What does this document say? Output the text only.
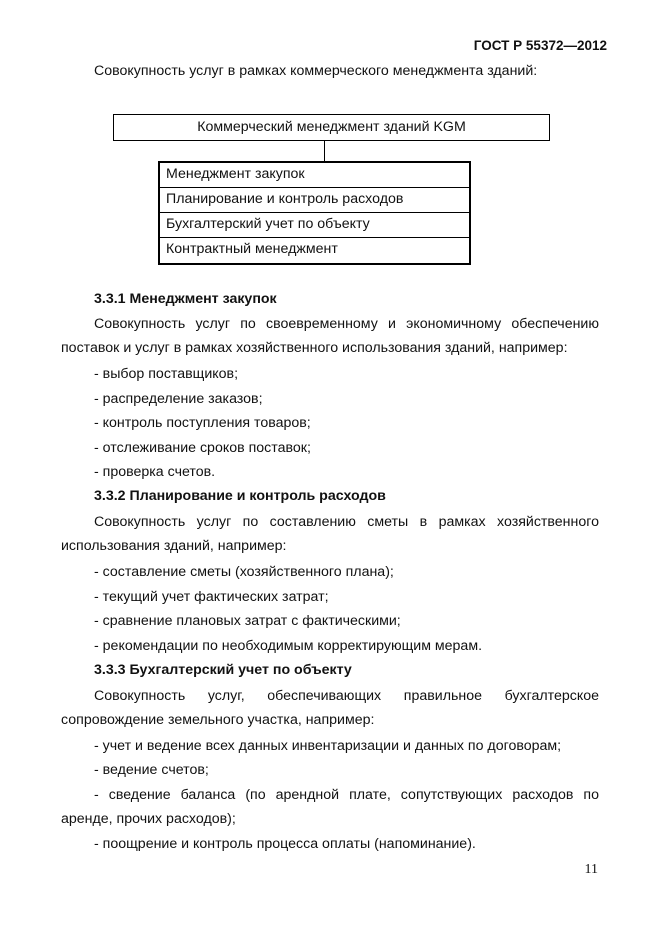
ГОСТ Р 55372—2012
Совокупность услуг в рамках коммерческого менеджмента зданий:
Коммерческий менеджмент зданий KGM
Менеджмент закупок
Планирование и контроль расходов
Бухгалтерский учет по объекту
Контрактный менеджмент
3.3.1 Менеджмент закупок
Совокупность услуг по своевременному и экономичному обеспечению
поставок и услуг в рамках хозяйственного использования зданий, например:
- выбор поставщиков;
- распределение заказов;
- контроль поступления товаров;
- отслеживание сроков поставок;
- проверка счетов.
3.3.2 Планирование и контроль расходов
Совокупность услуг по составлению сметы в рамках хозяйственного
использования зданий, например:
- составление сметы (хозяйственного плана);
- текущий учет фактических затрат;
- сравнение плановых затрат с фактическими;
- рекомендации по необходимым корректирующим мерам.
3.3.3 Бухгалтерский учет по объекту
Совокупность услуг, обеспечивающих правильное бухгалтерское
сопровождение земельного участка, например:
- учет и ведение всех данных инвентаризации и данных по договорам;
- ведение счетов;
- сведение баланса (по арендной плате, сопутствующих расходов по
аренде, прочих расходов);
- поощрение и контроль процесса оплаты (напоминание).
11
